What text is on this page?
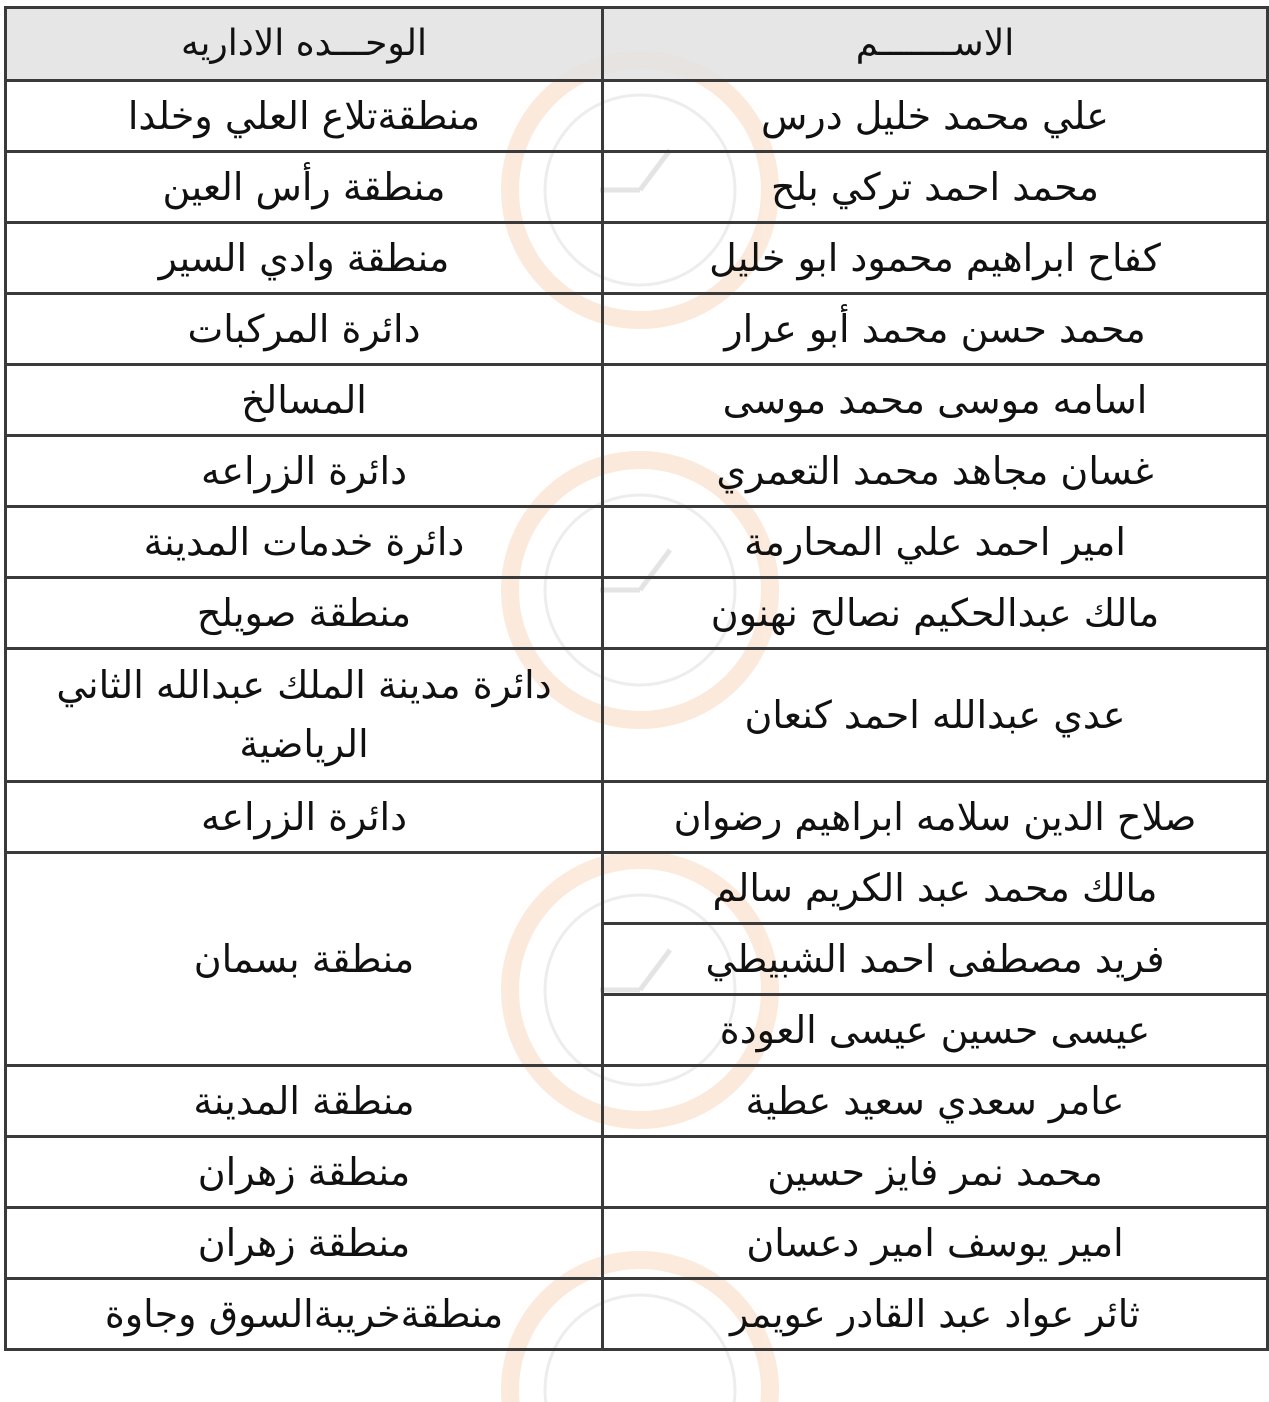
الاســـــــم	الوحـــده الاداريه
علي محمد خليل درس	منطقةتلاع العلي وخلدا
محمد احمد تركي بلح	منطقة رأس العين
كفاح ابراهيم محمود ابو خليل	منطقة وادي السير
محمد حسن محمد أبو عرار	دائرة المركبات
اسامه موسى محمد موسى	المسالخ
غسان مجاهد محمد التعمري	دائرة الزراعه
امير احمد علي المحارمة	دائرة خدمات المدينة
مالك عبدالحكيم نصالح نهنون	منطقة صويلح
عدي عبدالله احمد كنعان	دائرة مدينة الملك عبدالله الثاني الرياضية
صلاح الدين سلامه ابراهيم رضوان	دائرة الزراعه
مالك محمد عبد الكريم سالم	منطقة بسمان
فريد مصطفى احمد الشبيطي	
عيسى حسين عيسى العودة	
عامر سعدي سعيد عطية	منطقة المدينة
محمد نمر فايز حسين	منطقة زهران
امير يوسف امير دعسان	منطقة زهران
ثائر عواد عبد القادر عويمر	منطقةخريبةالسوق وجاوة
